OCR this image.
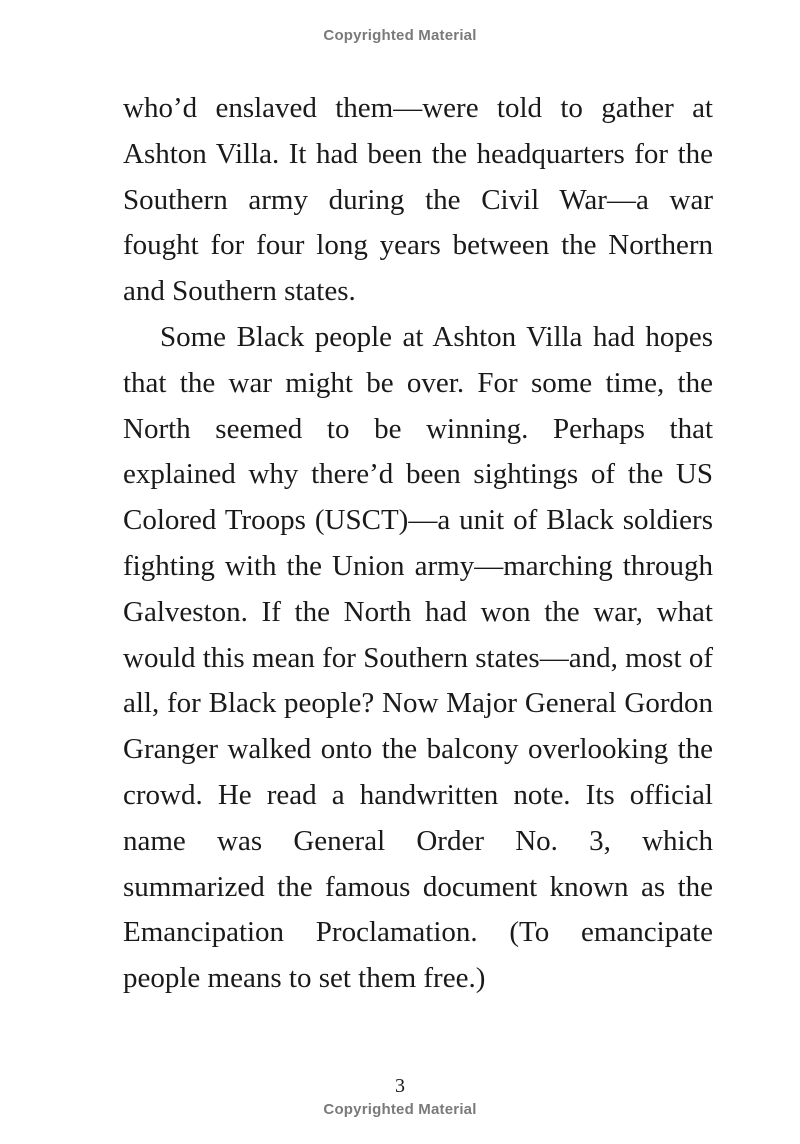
Copyrighted Material

who’d enslaved them—were told to gather at Ashton Villa. It had been the headquarters for the Southern army during the Civil War—a war fought for four long years between the Northern and Southern states.

Some Black people at Ashton Villa had hopes that the war might be over. For some time, the North seemed to be winning. Perhaps that explained why there’d been sightings of the US Colored Troops (USCT)—a unit of Black soldiers fighting with the Union army—marching through Galveston. If the North had won the war, what would this mean for Southern states—and, most of all, for Black people? Now Major General Gordon Granger walked onto the balcony overlooking the crowd. He read a handwritten note. Its official name was General Order No. 3, which summarized the famous document known as the Emancipation Proclamation. (To emancipate people means to set them free.)

3
Copyrighted Material
